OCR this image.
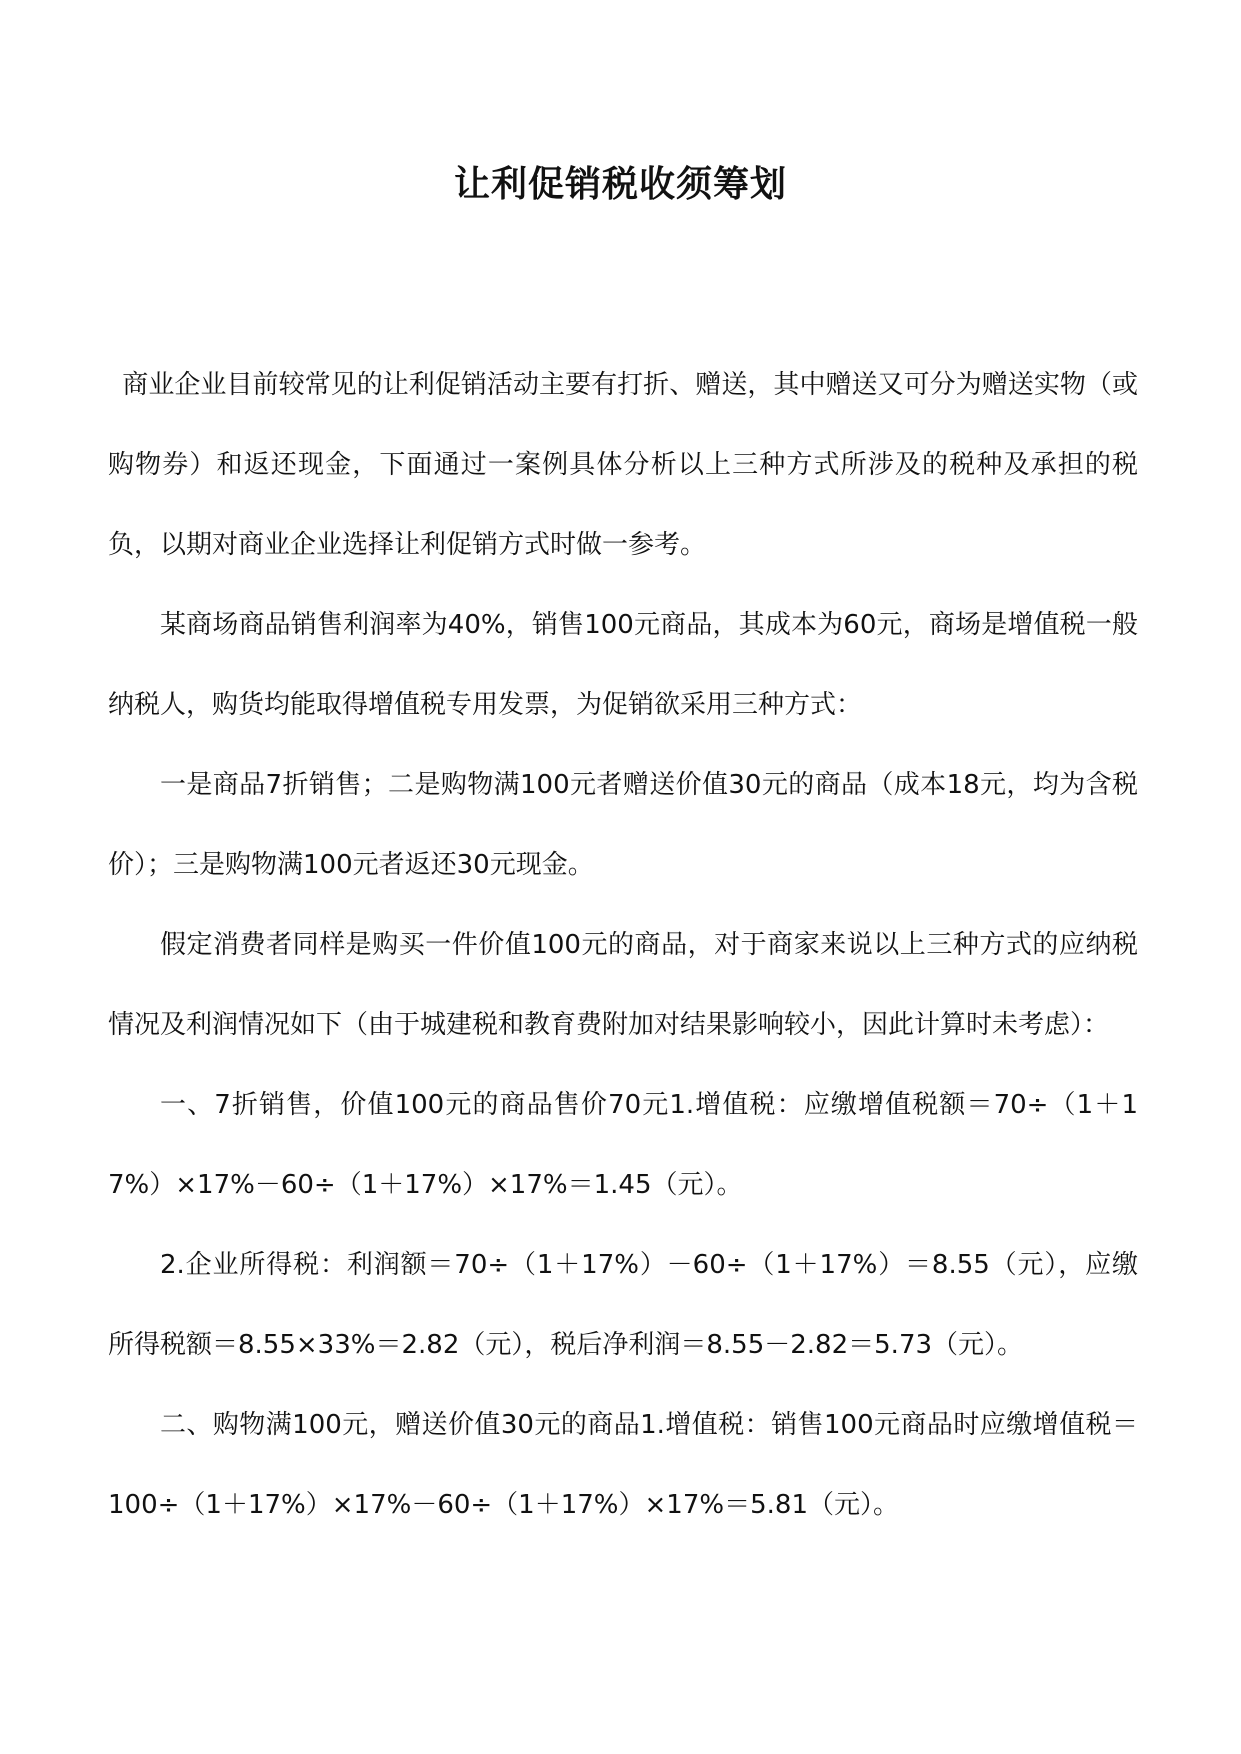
让利促销税收须筹划

商业企业目前较常见的让利促销活动主要有打折、赠送，其中赠送又可分为赠送实物（或购物券）和返还现金，下面通过一案例具体分析以上三种方式所涉及的税种及承担的税负，以期对商业企业选择让利促销方式时做一参考。

某商场商品销售利润率为40%，销售100元商品，其成本为60元，商场是增值税一般纳税人，购货均能取得增值税专用发票，为促销欲采用三种方式：

一是商品7折销售；二是购物满100元者赠送价值30元的商品（成本18元，均为含税价）；三是购物满100元者返还30元现金。

假定消费者同样是购买一件价值100元的商品，对于商家来说以上三种方式的应纳税情况及利润情况如下（由于城建税和教育费附加对结果影响较小，因此计算时未考虑）：

一、7折销售，价值100元的商品售价70元1.增值税：应缴增值税额＝70÷（1＋17%）×17%－60÷（1＋17%）×17%＝1.45（元）。

2.企业所得税：利润额＝70÷（1＋17%）－60÷（1＋17%）＝8.55（元），应缴所得税额＝8.55×33%＝2.82（元），税后净利润＝8.55－2.82＝5.73（元）。

二、购物满100元，赠送价值30元的商品1.增值税：销售100元商品时应缴增值税＝100÷（1＋17%）×17%－60÷（1＋17%）×17%＝5.81（元）。
